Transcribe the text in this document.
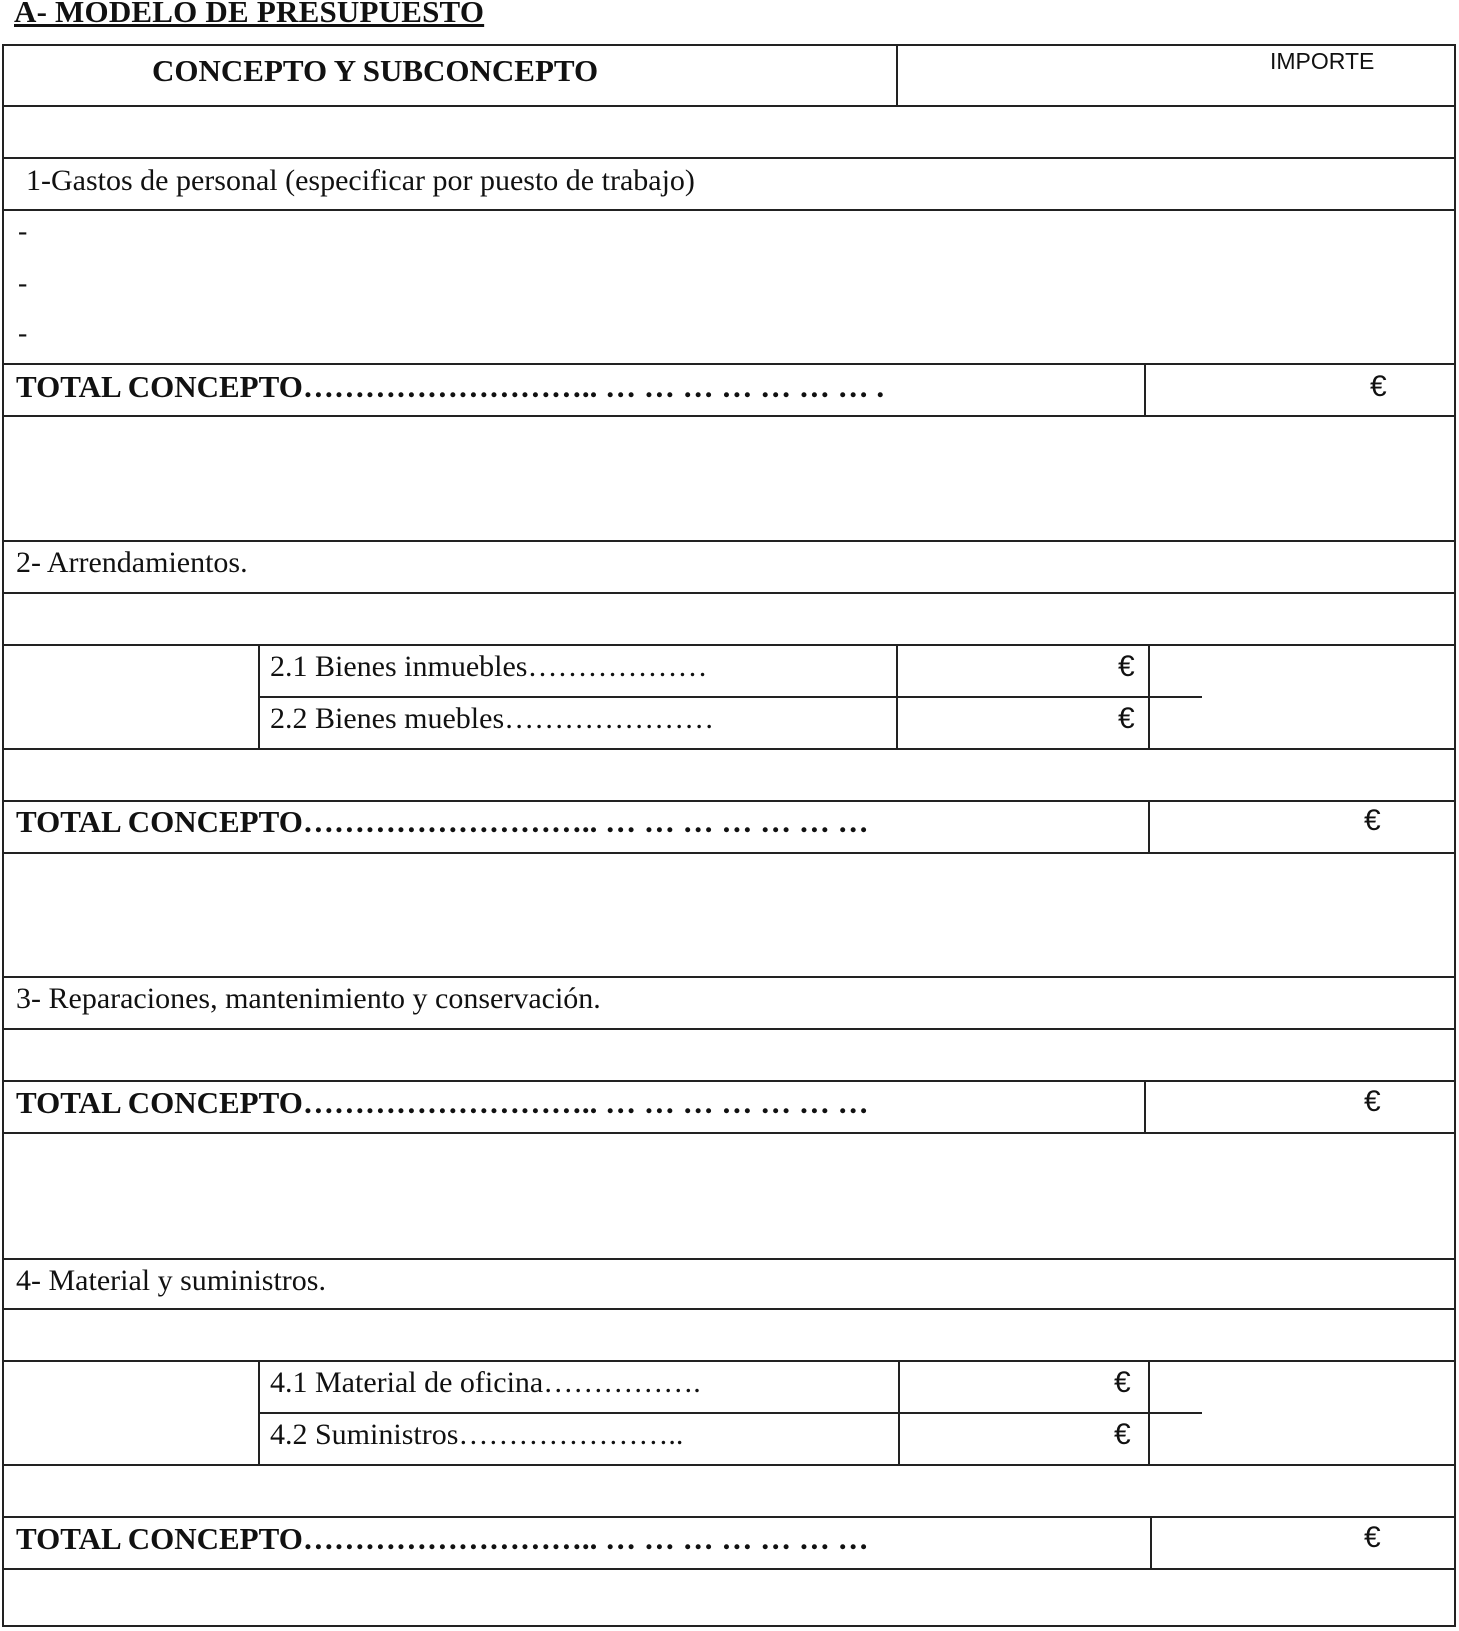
A- MODELO DE PRESUPUESTO
CONCEPTO Y SUBCONCEPTO	IMPORTE
1-Gastos de personal (especificar por puesto de trabajo)
-
-
-
TOTAL CONCEPTO……………………….. … … … … … … … .	€
2- Arrendamientos.
2.1 Bienes inmuebles………………	€
2.2 Bienes muebles…………………	€
TOTAL CONCEPTO……………………….. … … … … … … …	€
3- Reparaciones, mantenimiento y conservación.
TOTAL CONCEPTO……………………….. … … … … … … …	€
4- Material y suministros.
4.1 Material de oficina…………….	€
4.2 Suministros…………………..	€
TOTAL CONCEPTO……………………….. … … … … … … …	€
